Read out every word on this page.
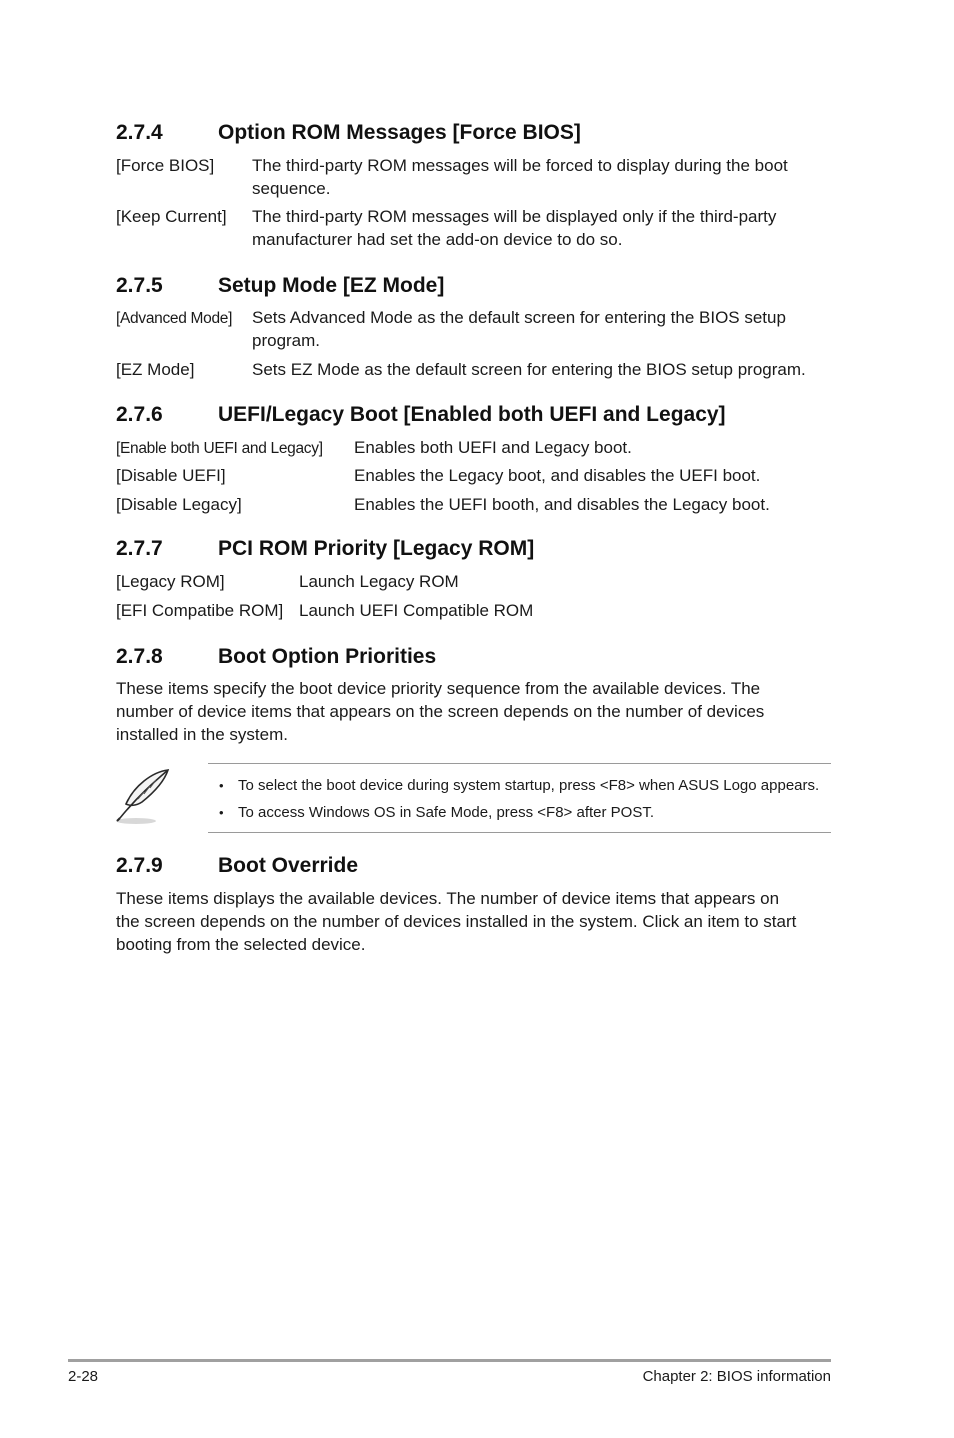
2.7.4	Option ROM Messages [Force BIOS]
[Force BIOS] The third-party ROM messages will be forced to display during the boot
sequence.
[Keep Current] The third-party ROM messages will be displayed only if the third-party
manufacturer had set the add-on device to do so.
2.7.5	Setup Mode [EZ Mode]
[Advanced Mode] Sets Advanced Mode as the default screen for entering the BIOS setup
program.
[EZ Mode]	Sets EZ Mode as the default screen for entering the BIOS setup program.
2.7.6	UEFI/Legacy Boot [Enabled both UEFI and Legacy]
[Enable both UEFI and Legacy] Enables both UEFI and Legacy boot.
[Disable UEFI]	Enables the Legacy boot, and disables the UEFI boot.
[Disable Legacy]	Enables the UEFI booth, and disables the Legacy boot.
2.7.7	PCI ROM Priority [Legacy ROM]
[Legacy ROM]	Launch Legacy ROM
[EFI Compatibe ROM] Launch UEFI Compatible ROM
2.7.8	Boot Option Priorities
These items specify the boot device priority sequence from the available devices. The
number of device items that appears on the screen depends on the number of devices
installed in the system.
• To select the boot device during system startup, press <F8> when ASUS Logo appears.
• To access Windows OS in Safe Mode, press <F8> after POST.
2.7.9	Boot Override
These items displays the available devices. The number of device items that appears on
the screen depends on the number of devices installed in the system. Click an item to start
booting from the selected device.
2-28	Chapter 2: BIOS information
